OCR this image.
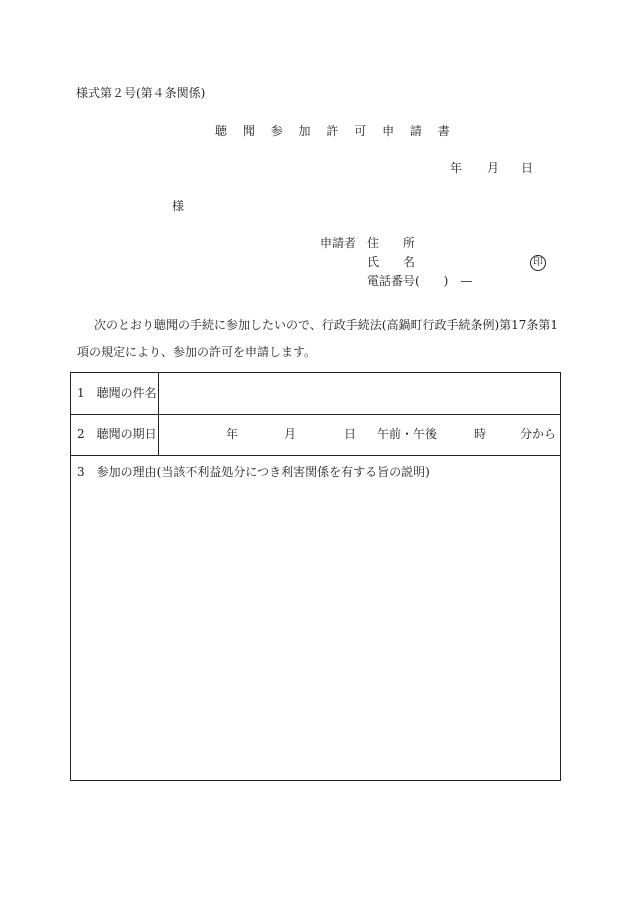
様式第２号(第４条関係)
聴 聞 参 加 許 可 申 請 書
年 月 日
様
申請者 住　　所
氏　　名	印
電話番号(　　)　—
次のとおり聴聞の手続に参加したいので、行政手続法(高鍋町行政手続条例)第17条第1
項の規定により、参加の許可を申請します。
1　聴聞の件名
2　聴聞の期日	年	月	日 午前・午後	時	分から
3　参加の理由(当該不利益処分につき利害関係を有する旨の説明)
